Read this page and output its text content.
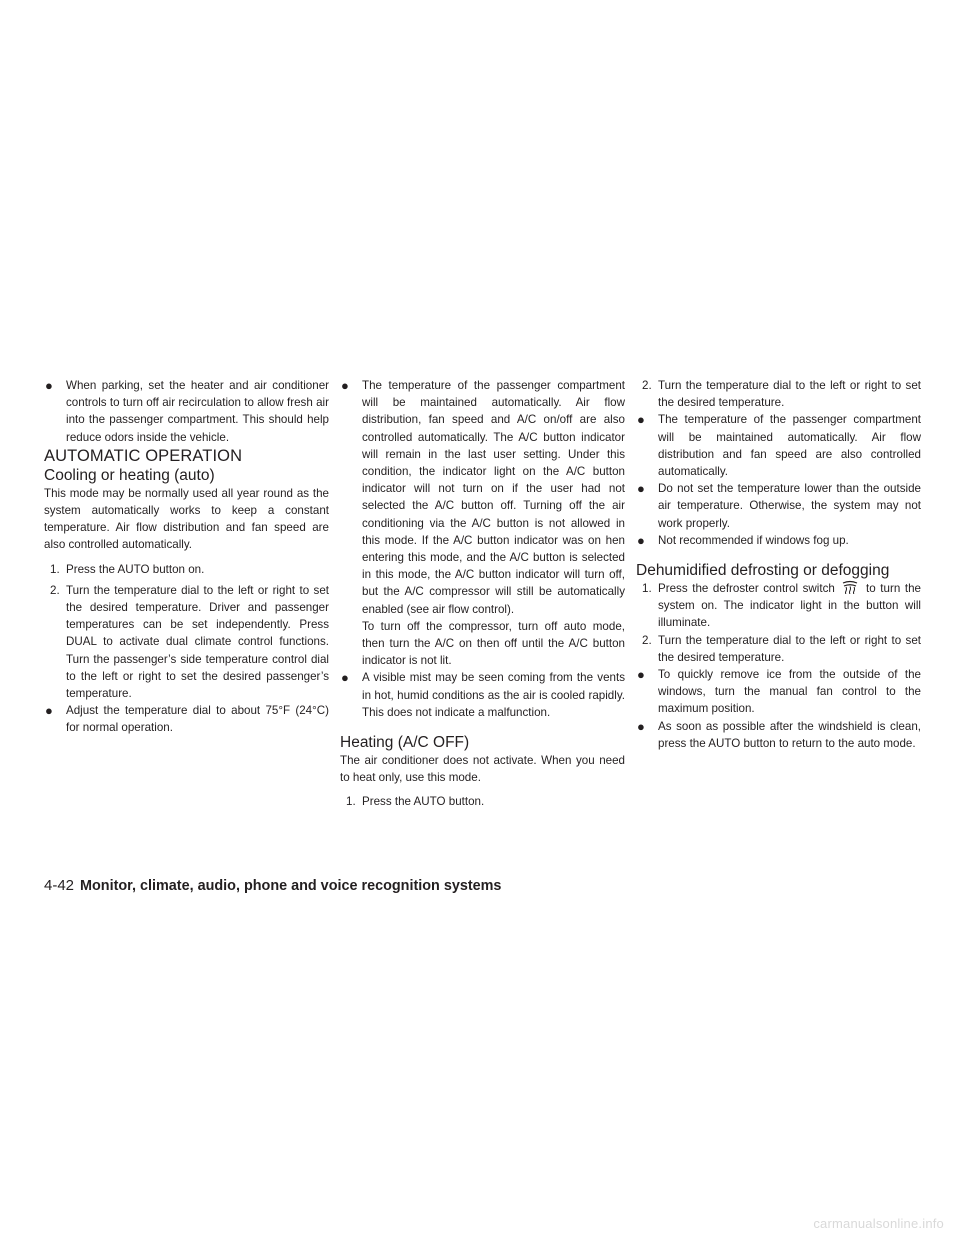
● When parking, set the heater and air conditioner controls to turn off air recirculation to allow fresh air into the passenger compartment. This should help reduce odors inside the vehicle.

AUTOMATIC OPERATION

Cooling or heating (auto)

This mode may be normally used all year round as the system automatically works to keep a constant temperature. Air flow distribution and fan speed are also controlled automatically.

1. Press the AUTO button on.

2. Turn the temperature dial to the left or right to set the desired temperature. Driver and passenger temperatures can be set independently. Press DUAL to activate dual climate control functions. Turn the passenger’s side temperature control dial to the left or right to set the desired passenger’s temperature.

● Adjust the temperature dial to about 75°F (24°C) for normal operation.

● The temperature of the passenger compartment will be maintained automatically. Air flow distribution, fan speed and A/C on/off are also controlled automatically. The A/C button indicator will remain in the last user setting. Under this condition, the indicator light on the A/C button indicator will not turn on if the user had not selected the A/C button off. Turning off the air conditioning via the A/C button is not allowed in this mode. If the A/C button indicator was on hen entering this mode, and the A/C button is selected in this mode, the A/C button indicator will turn off, but the A/C compressor will still be automatically enabled (see air flow control).
To turn off the compressor, turn off auto mode, then turn the A/C on then off until the A/C button indicator is not lit.

● A visible mist may be seen coming from the vents in hot, humid conditions as the air is cooled rapidly. This does not indicate a malfunction.

Heating (A/C OFF)

The air conditioner does not activate. When you need to heat only, use this mode.

1. Press the AUTO button.

2. Turn the temperature dial to the left or right to set the desired temperature.

● The temperature of the passenger compartment will be maintained automatically. Air flow distribution and fan speed are also controlled automatically.

● Do not set the temperature lower than the outside air temperature. Otherwise, the system may not work properly.

● Not recommended if windows fog up.

Dehumidified defrosting or defogging

1. Press the defroster control switch	to turn the system on. The indicator light in the button will illuminate.

2. Turn the temperature dial to the left or right to set the desired temperature.

● To quickly remove ice from the outside of the windows, turn the manual fan control to the maximum position.

● As soon as possible after the windshield is clean, press the AUTO button to return to the auto mode.

4-42 Monitor, climate, audio, phone and voice recognition systems
carmanualsonline.info
